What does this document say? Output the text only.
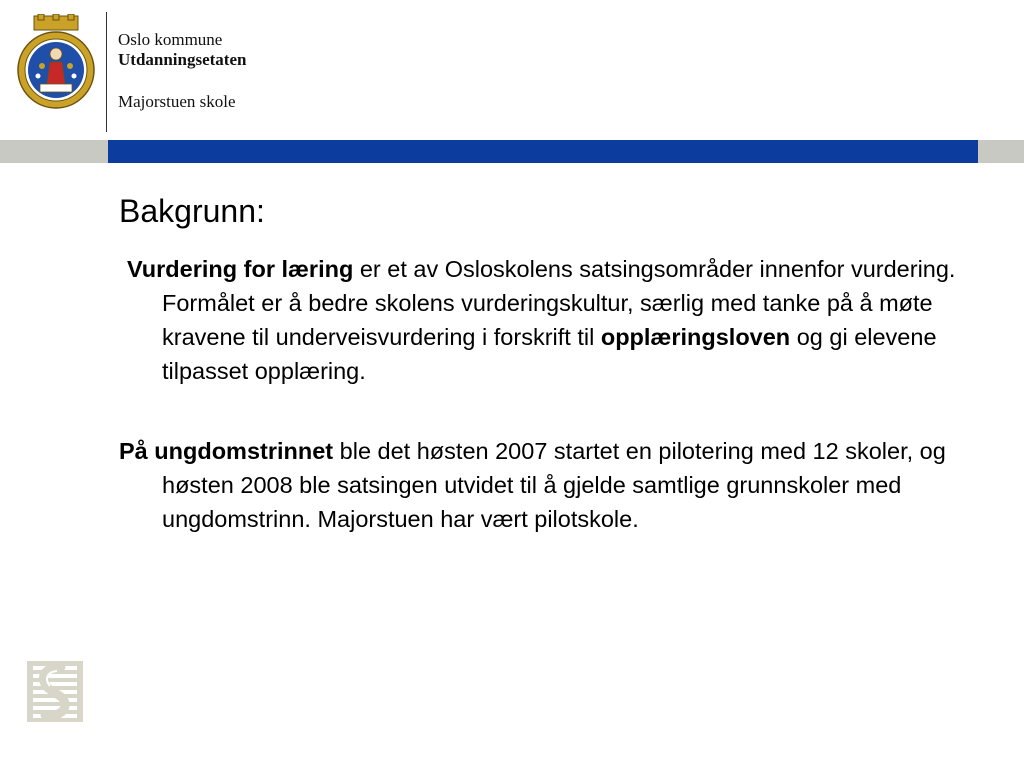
Oslo kommune
Utdanningsetaten
Majorstuen skole
Bakgrunn:

Vurdering for læring er et av Osloskolens satsingsområder innenfor vurdering. Formålet er å bedre skolens vurderingskultur, særlig med tanke på å møte kravene til underveisvurdering i forskrift til opplæringsloven og gi elevene tilpasset opplæring.

På ungdomstrinnet ble det høsten 2007 startet en pilotering med 12 skoler, og høsten 2008 ble satsingen utvidet til å gjelde samtlige grunnskoler med ungdomstrinn. Majorstuen har vært pilotskole.
